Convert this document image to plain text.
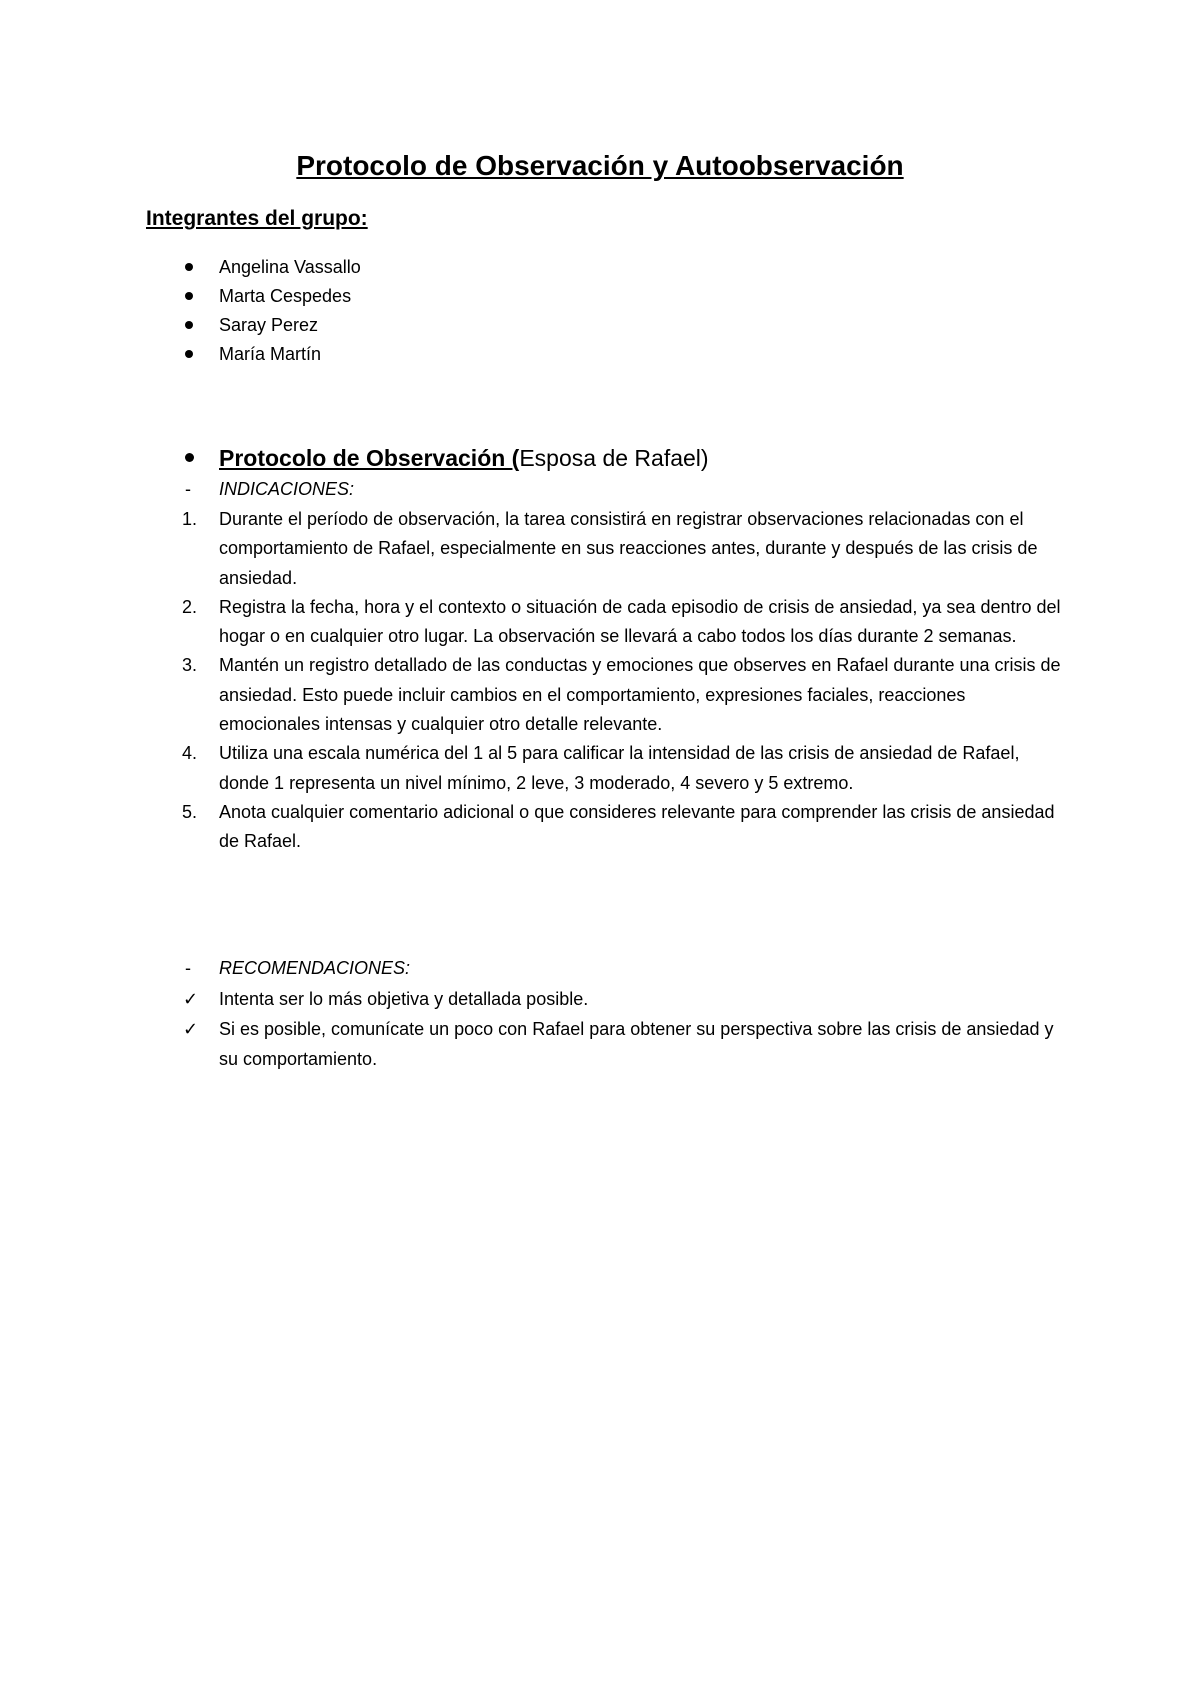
Protocolo de Observación y Autoobservación
Integrantes del grupo:
Angelina Vassallo
Marta Cespedes
Saray Perez
María Martín
Protocolo de Observación (Esposa de Rafael)
- INDICACIONES:
1. Durante el período de observación, la tarea consistirá en registrar observaciones relacionadas con el comportamiento de Rafael, especialmente en sus reacciones antes, durante y después de las crisis de ansiedad.
2. Registra la fecha, hora y el contexto o situación de cada episodio de crisis de ansiedad, ya sea dentro del hogar o en cualquier otro lugar. La observación se llevará a cabo todos los días durante 2 semanas.
3. Mantén un registro detallado de las conductas y emociones que observes en Rafael durante una crisis de ansiedad. Esto puede incluir cambios en el comportamiento, expresiones faciales, reacciones emocionales intensas y cualquier otro detalle relevante.
4. Utiliza una escala numérica del 1 al 5 para calificar la intensidad de las crisis de ansiedad de Rafael, donde 1 representa un nivel mínimo, 2 leve, 3 moderado, 4 severo y 5 extremo.
5. Anota cualquier comentario adicional o que consideres relevante para comprender las crisis de ansiedad de Rafael.
- RECOMENDACIONES:
✓ Intenta ser lo más objetiva y detallada posible.
✓ Si es posible, comunícate un poco con Rafael para obtener su perspectiva sobre las crisis de ansiedad y su comportamiento.
